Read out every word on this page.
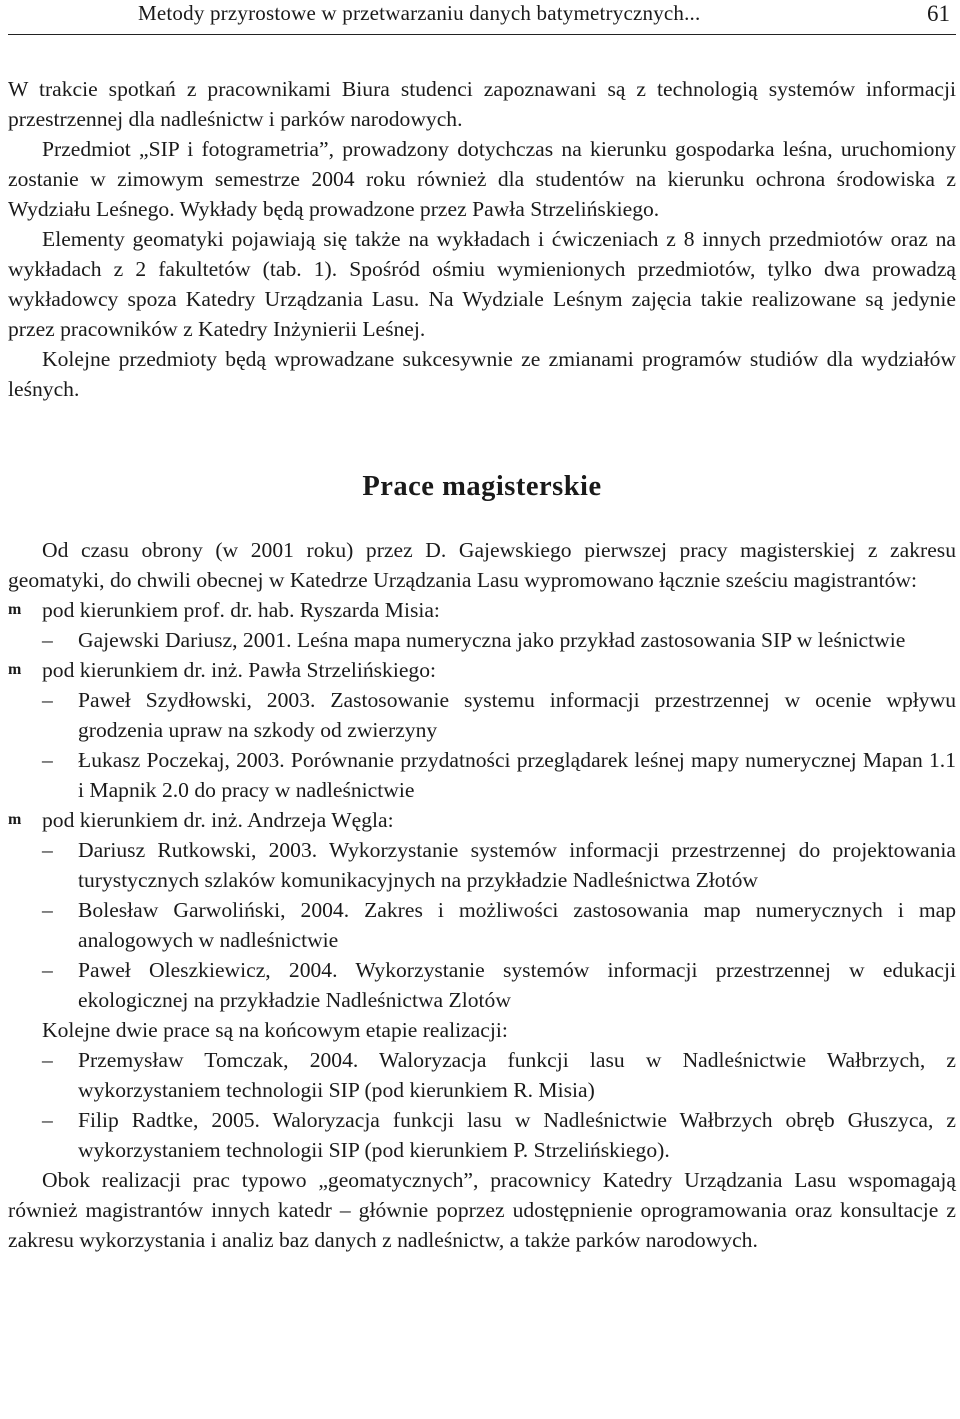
Metody przyrostowe w przetwarzaniu danych batymetrycznych...	61

W trakcie spotkań z pracownikami Biura studenci zapoznawani są z technologią systemów informacji przestrzennej dla nadleśnictw i parków narodowych.

Przedmiot „SIP i fotogrametria”, prowadzony dotychczas na kierunku gospodarka leśna, uruchomiony zostanie w zimowym semestrze 2004 roku również dla studentów na kierunku ochrona środowiska z Wydziału Leśnego. Wykłady będą prowadzone przez Pawła Strzelińskiego.

Elementy geomatyki pojawiają się także na wykładach i ćwiczeniach z 8 innych przedmiotów oraz na wykładach z 2 fakultetów (tab. 1). Spośród ośmiu wymienionych przedmiotów, tylko dwa prowadzą wykładowcy spoza Katedry Urządzania Lasu. Na Wydziale Leśnym zajęcia takie realizowane są jedynie przez pracowników z Katedry Inżynierii Leśnej.

Kolejne przedmioty będą wprowadzane sukcesywnie ze zmianami programów studiów dla wydziałów leśnych.

Prace magisterskie

Od czasu obrony (w 2001 roku) przez D. Gajewskiego pierwszej pracy magisterskiej z zakresu geomatyki, do chwili obecnej w Katedrze Urządzania Lasu wypromowano łącznie sześciu magistrantów:

m pod kierunkiem prof. dr. hab. Ryszarda Misia:
– Gajewski Dariusz, 2001. Leśna mapa numeryczna jako przykład zastosowania SIP w leśnictwie
m pod kierunkiem dr. inż. Pawła Strzelińskiego:
– Paweł Szydłowski, 2003. Zastosowanie systemu informacji przestrzennej w ocenie wpływu grodzenia upraw na szkody od zwierzyny
– Łukasz Poczekaj, 2003. Porównanie przydatności przeglądarek leśnej mapy numerycznej Mapan 1.1 i Mapnik 2.0 do pracy w nadleśnictwie
m pod kierunkiem dr. inż. Andrzeja Węgla:
– Dariusz Rutkowski, 2003. Wykorzystanie systemów informacji przestrzennej do projektowania turystycznych szlaków komunikacyjnych na przykładzie Nadleśnictwa Złotów
– Bolesław Garwoliński, 2004. Zakres i możliwości zastosowania map numerycznych i map analogowych w nadleśnictwie
– Paweł Oleszkiewicz, 2004. Wykorzystanie systemów informacji przestrzennej w edukacji ekologicznej na przykładzie Nadleśnictwa Zlotów
Kolejne dwie prace są na końcowym etapie realizacji:
– Przemysław Tomczak, 2004. Waloryzacja funkcji lasu w Nadleśnictwie Wałbrzych, z wykorzystaniem technologii SIP (pod kierunkiem R. Misia)
– Filip Radtke, 2005. Waloryzacja funkcji lasu w Nadleśnictwie Wałbrzych obręb Głuszyca, z wykorzystaniem technologii SIP (pod kierunkiem P. Strzelińskiego).

Obok realizacji prac typowo „geomatycznych”, pracownicy Katedry Urządzania Lasu wspomagają również magistrantów innych katedr – głównie poprzez udostępnienie oprogramowania oraz konsultacje z zakresu wykorzystania i analiz baz danych z nadleśnictw, a także parków narodowych.
